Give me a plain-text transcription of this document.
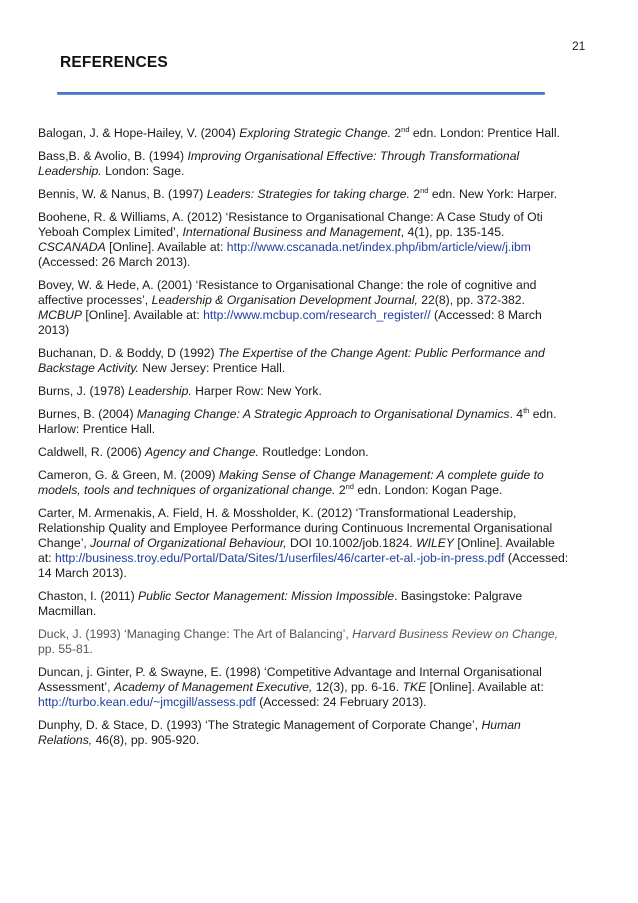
21
REFERENCES

Balogan, J. & Hope-Hailey, V. (2004) Exploring Strategic Change. 2nd edn. London: Prentice Hall.

Bass,B. & Avolio, B. (1994) Improving Organisational Effective: Through Transformational
Leadership. London: Sage.

Bennis, W. & Nanus, B. (1997) Leaders: Strategies for taking charge. 2nd edn. New York: Harper.

Boohene, R. & Williams, A. (2012) ‘Resistance to Organisational Change: A Case Study of Oti
Yeboah Complex Limited’, International Business and Management, 4(1), pp. 135-145.
CSCANADA [Online]. Available at: http://www.cscanada.net/index.php/ibm/article/view/j.ibm
(Accessed: 26 March 2013).

Bovey, W. & Hede, A. (2001) ‘Resistance to Organisational Change: the role of cognitive and
affective processes’, Leadership & Organisation Development Journal, 22(8), pp. 372-382.
MCBUP [Online]. Available at: http://www.mcbup.com/research_register// (Accessed: 8 March
2013)

Buchanan, D. & Boddy, D (1992) The Expertise of the Change Agent: Public Performance and
Backstage Activity. New Jersey: Prentice Hall.

Burns, J. (1978) Leadership. Harper Row: New York.

Burnes, B. (2004) Managing Change: A Strategic Approach to Organisational Dynamics. 4th edn.
Harlow: Prentice Hall.

Caldwell, R. (2006) Agency and Change. Routledge: London.

Cameron, G. & Green, M. (2009) Making Sense of Change Management: A complete guide to
models, tools and techniques of organizational change. 2nd edn. London: Kogan Page.

Carter, M. Armenakis, A. Field, H. & Mossholder, K. (2012) ‘Transformational Leadership,
Relationship Quality and Employee Performance during Continuous Incremental Organisational
Change’, Journal of Organizational Behaviour, DOI 10.1002/job.1824. WILEY [Online]. Available
at: http://business.troy.edu/Portal/Data/Sites/1/userfiles/46/carter-et-al.-job-in-press.pdf (Accessed:
14 March 2013).

Chaston, I. (2011) Public Sector Management: Mission Impossible. Basingstoke: Palgrave
Macmillan.

Duck, J. (1993) ‘Managing Change: The Art of Balancing’, Harvard Business Review on Change,
pp. 55-81.

Duncan, j. Ginter, P. & Swayne, E. (1998) ‘Competitive Advantage and Internal Organisational
Assessment’, Academy of Management Executive, 12(3), pp. 6-16. TKE [Online]. Available at:
http://turbo.kean.edu/~jmcgill/assess.pdf (Accessed: 24 February 2013).

Dunphy, D. & Stace, D. (1993) ‘The Strategic Management of Corporate Change’, Human
Relations, 46(8), pp. 905-920.
